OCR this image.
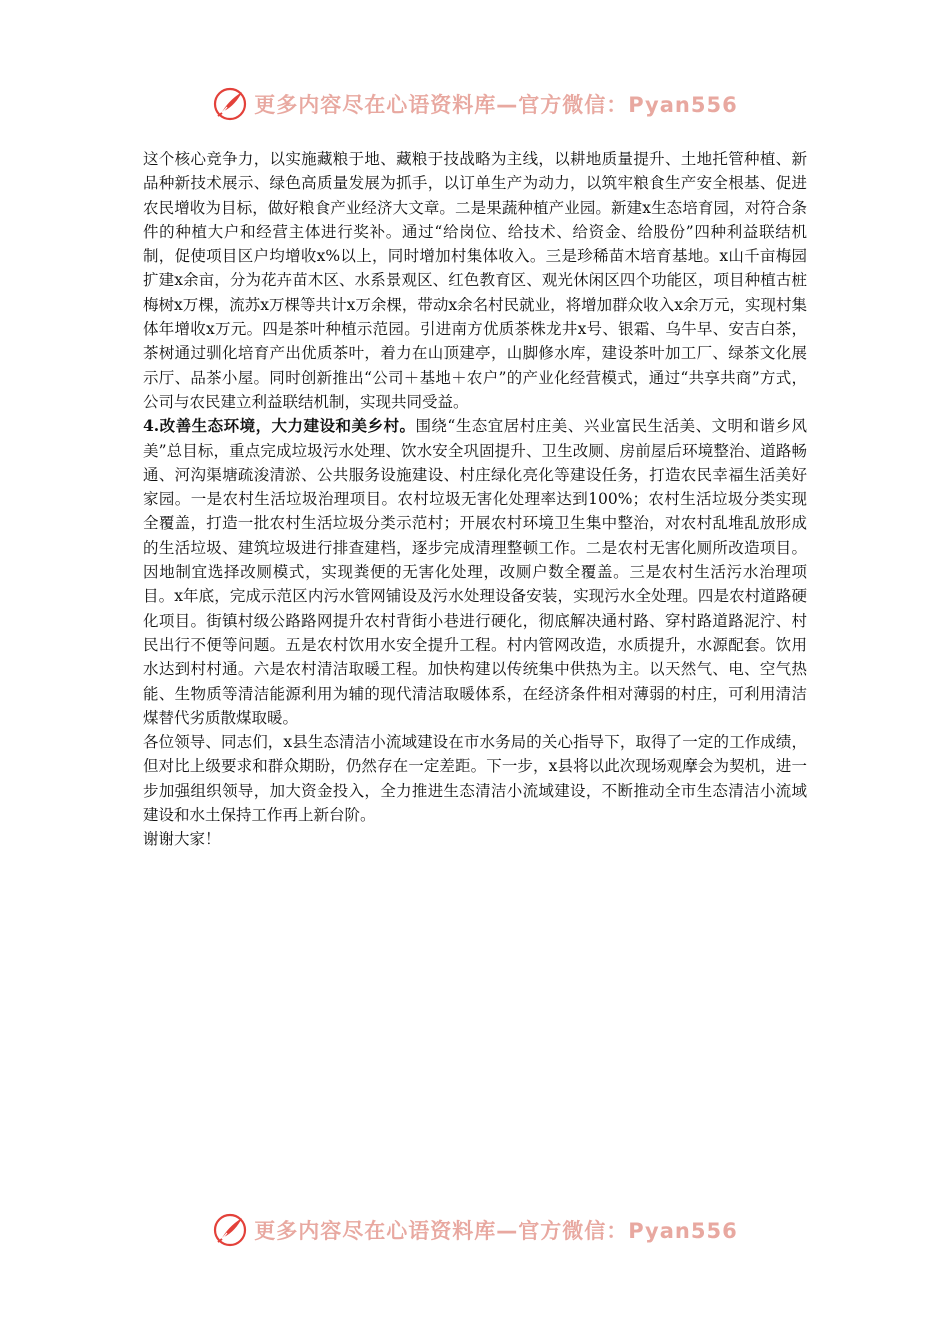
更多内容尽在心语资料库—官方微信：Pyan556

这个核心竞争力，以实施藏粮于地、藏粮于技战略为主线，以耕地质量提升、土地托管种植、新品种新技术展示、绿色高质量发展为抓手，以订单生产为动力，以筑牢粮食生产安全根基、促进农民增收为目标，做好粮食产业经济大文章。二是果蔬种植产业园。新建x生态培育园，对符合条件的种植大户和经营主体进行奖补。通过“给岗位、给技术、给资金、给股份”四种利益联结机制，促使项目区户均增收x%以上，同时增加村集体收入。三是珍稀苗木培育基地。x山千亩梅园扩建x余亩，分为花卉苗木区、水系景观区、红色教育区、观光休闲区四个功能区，项目种植古桩梅树x万棵，流苏x万棵等共计x万余棵，带动x余名村民就业，将增加群众收入x余万元，实现村集体年增收x万元。四是茶叶种植示范园。引进南方优质茶株龙井x号、银霜、乌牛早、安吉白茶，茶树通过驯化培育产出优质茶叶，着力在山顶建亭，山脚修水库，建设茶叶加工厂、绿茶文化展示厅、品茶小屋。同时创新推出“公司＋基地＋农户”的产业化经营模式，通过“共享共商”方式，公司与农民建立利益联结机制，实现共同受益。

4.改善生态环境，大力建设和美乡村。围绕“生态宜居村庄美、兴业富民生活美、文明和谐乡风美”总目标，重点完成垃圾污水处理、饮水安全巩固提升、卫生改厕、房前屋后环境整治、道路畅通、河沟渠塘疏浚清淤、公共服务设施建设、村庄绿化亮化等建设任务，打造农民幸福生活美好家园。一是农村生活垃圾治理项目。农村垃圾无害化处理率达到100%；农村生活垃圾分类实现全覆盖，打造一批农村生活垃圾分类示范村；开展农村环境卫生集中整治，对农村乱堆乱放形成的生活垃圾、建筑垃圾进行排查建档，逐步完成清理整顿工作。二是农村无害化厕所改造项目。因地制宜选择改厕模式，实现粪便的无害化处理，改厕户数全覆盖。三是农村生活污水治理项目。x年底，完成示范区内污水管网铺设及污水处理设备安装，实现污水全处理。四是农村道路硬化项目。街镇村级公路路网提升农村背街小巷进行硬化，彻底解决通村路、穿村路道路泥泞、村民出行不便等问题。五是农村饮用水安全提升工程。村内管网改造，水质提升，水源配套。饮用水达到村村通。六是农村清洁取暖工程。加快构建以传统集中供热为主。以天然气、电、空气热能、生物质等清洁能源利用为辅的现代清洁取暖体系，在经济条件相对薄弱的村庄，可利用清洁煤替代劣质散煤取暖。

各位领导、同志们，x县生态清洁小流域建设在市水务局的关心指导下，取得了一定的工作成绩，但对比上级要求和群众期盼，仍然存在一定差距。下一步，x县将以此次现场观摩会为契机，进一步加强组织领导，加大资金投入，全力推进生态清洁小流域建设，不断推动全市生态清洁小流域建设和水土保持工作再上新台阶。

谢谢大家！

更多内容尽在心语资料库—官方微信：Pyan556
